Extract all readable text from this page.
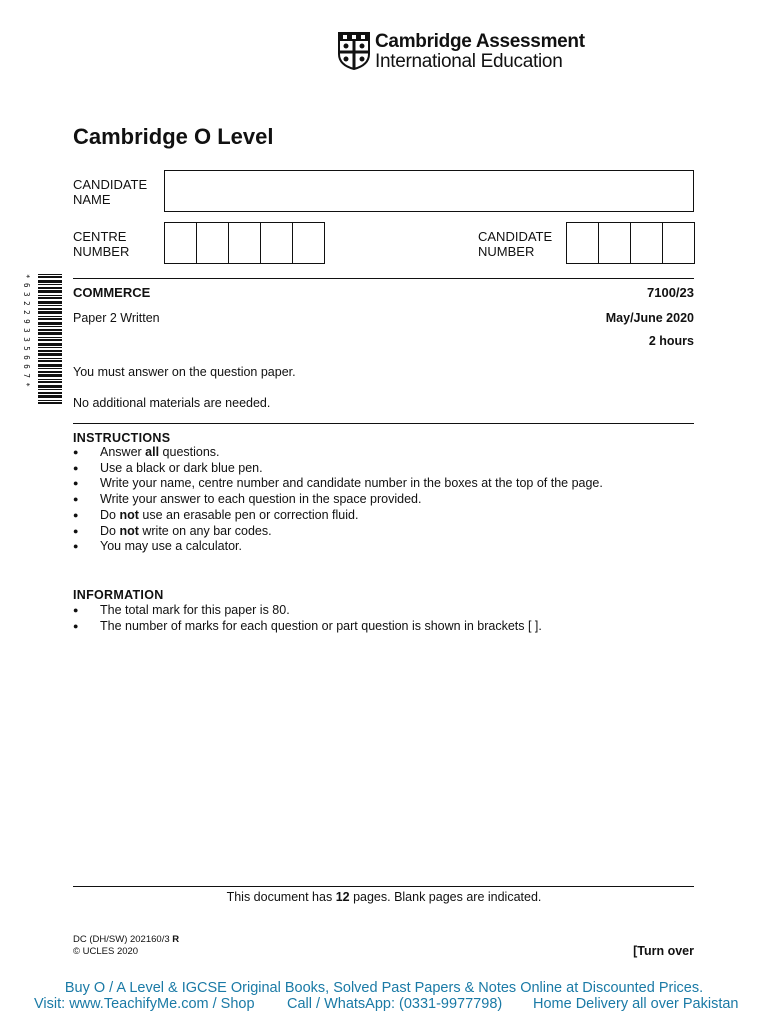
Cambridge Assessment
International Education
Cambridge O Level
CANDIDATE
NAME
CENTRE
NUMBER
CANDIDATE
NUMBER
* 6 3 2 2 9 3 3 5 6 6 7 *	COMMERCE	7100/23
Paper 2 Written	May/June 2020
2 hours
You must answer on the question paper.
No additional materials are needed.
INSTRUCTIONS
● Answer all questions.
● Use a black or dark blue pen.
● Write your name, centre number and candidate number in the boxes at the top of the page.
● Write your answer to each question in the space provided.
● Do not use an erasable pen or correction fluid.
● Do not write on any bar codes.
● You may use a calculator.
INFORMATION
● The total mark for this paper is 80.
● The number of marks for each question or part question is shown in brackets [ ].
This document has 12 pages. Blank pages are indicated.
DC (DH/SW) 202160/3 R
© UCLES 2020	[Turn over
Buy O / A Level & IGCSE Original Books, Solved Past Papers & Notes Online at Discounted Prices.
Visit: www.TeachifyMe.com / Shop Call / WhatsApp: (0331-9977798) Home Delivery all over Pakistan
